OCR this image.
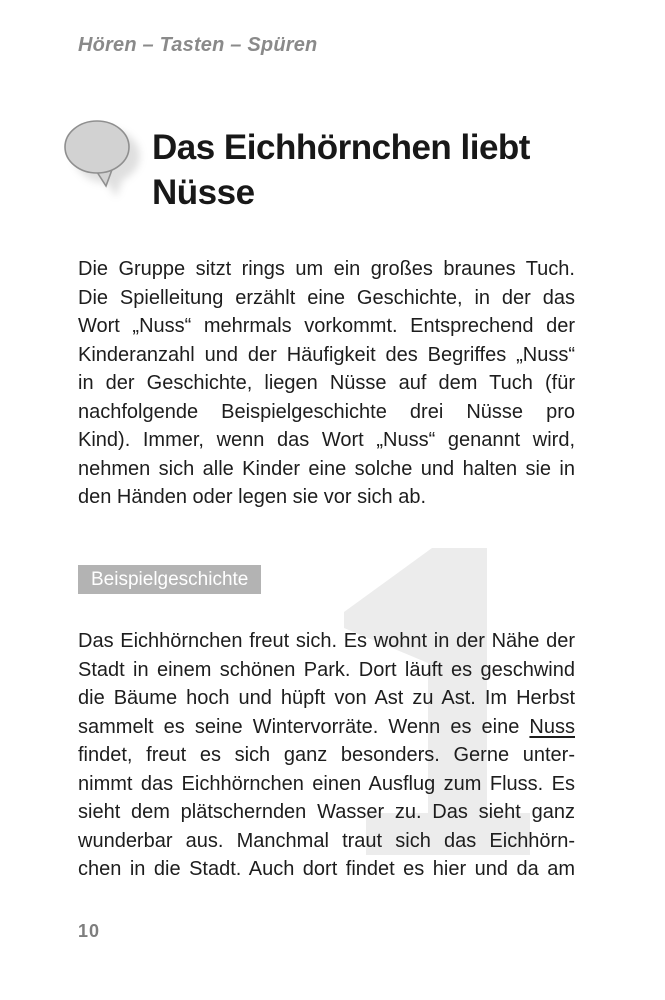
Hören – Tasten – Spüren
Das Eichhörnchen liebt
Nüsse
Die Gruppe sitzt rings um ein großes braunes Tuch.
Die Spielleitung erzählt eine Geschichte, in der das
Wort „Nuss“ mehrmals vorkommt. Entsprechend der
Kinderanzahl und der Häufigkeit des Begriffes „Nuss“
in der Geschichte, liegen Nüsse auf dem Tuch (für
nachfolgende Beispielgeschichte drei Nüsse pro
Kind). Immer, wenn das Wort „Nuss“ genannt wird,
nehmen sich alle Kinder eine solche und halten sie in
den Händen oder legen sie vor sich ab.
Beispielgeschichte
Das Eichhörnchen freut sich. Es wohnt in der Nähe der
Stadt in einem schönen Park. Dort läuft es geschwind
die Bäume hoch und hüpft von Ast zu Ast. Im Herbst
sammelt es seine Wintervorräte. Wenn es eine Nuss
findet, freut es sich ganz besonders. Gerne unter-
nimmt das Eichhörnchen einen Ausflug zum Fluss. Es
sieht dem plätschernden Wasser zu. Das sieht ganz
wunderbar aus. Manchmal traut sich das Eichhörn-
chen in die Stadt. Auch dort findet es hier und da am
10
